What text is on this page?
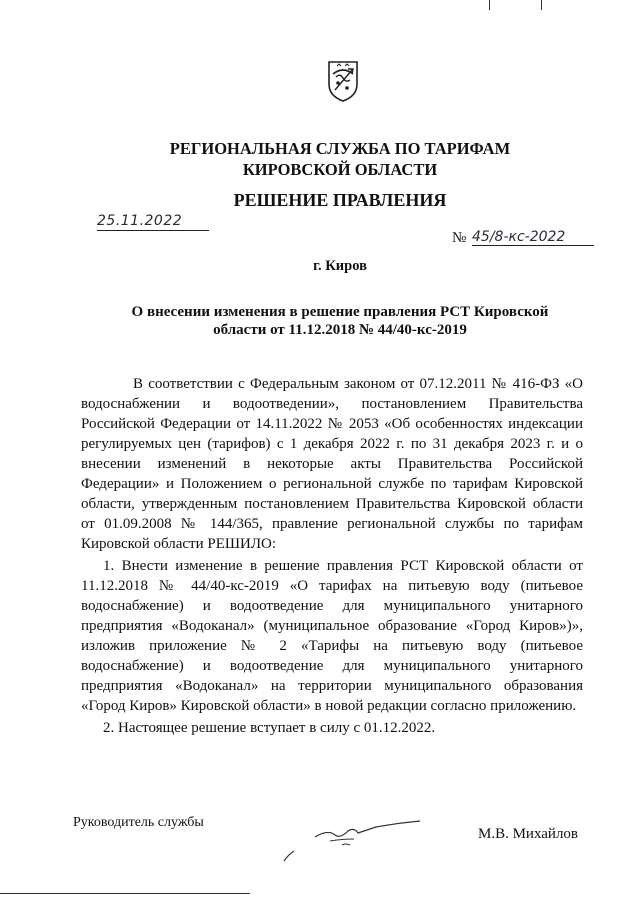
РЕГИОНАЛЬНАЯ СЛУЖБА ПО ТАРИФАМ
КИРОВСКОЙ ОБЛАСТИ
РЕШЕНИЕ ПРАВЛЕНИЯ
25.11.2022
№ 45/8-кс-2022
г. Киров
О внесении изменения в решение правления РСТ Кировской
области от 11.12.2018 № 44/40-кс-2019

В соответствии с Федеральным законом от 07.12.2011 № 416-ФЗ «О водоснабжении и водоотведении», постановлением Правительства Российской Федерации от 14.11.2022 № 2053 «Об особенностях индексации регулируемых цен (тарифов) с 1 декабря 2022 г. по 31 декабря 2023 г. и о внесении изменений в некоторые акты Правительства Российской Федерации» и Положением о региональной службе по тарифам Кировской области, утвержденным постановлением Правительства Кировской области от 01.09.2008 № 144/365, правление региональной службы по тарифам Кировской области РЕШИЛО:

1. Внести изменение в решение правления РСТ Кировской области от 11.12.2018 № 44/40-кс-2019 «О тарифах на питьевую воду (питьевое водоснабжение) и водоотведение для муниципального унитарного предприятия «Водоканал» (муниципальное образование «Город Киров»)», изложив приложение № 2 «Тарифы на питьевую воду (питьевое водоснабжение) и водоотведение для муниципального унитарного предприятия «Водоканал» на территории муниципального образования «Город Киров» Кировской области» в новой редакции согласно приложению.

2. Настоящее решение вступает в силу с 01.12.2022.

Руководитель службы
М.В. Михайлов
